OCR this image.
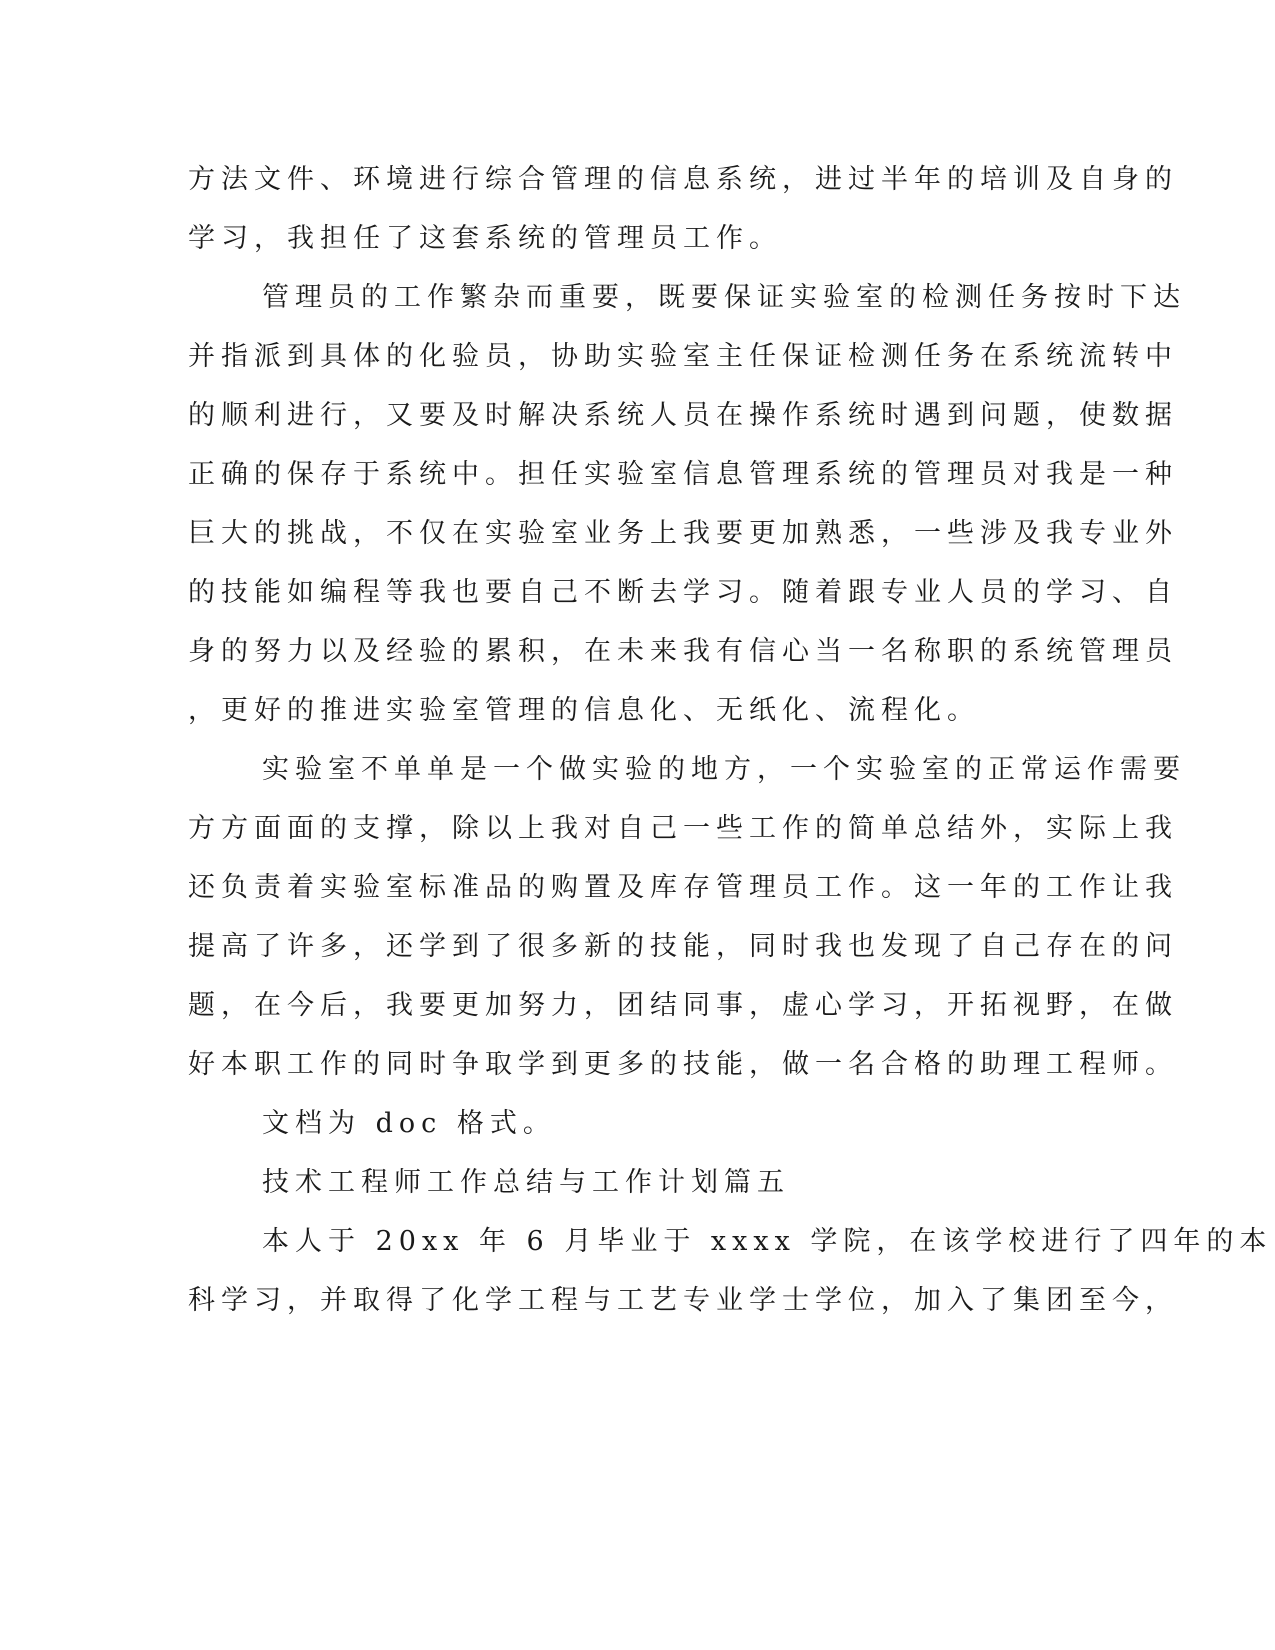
方法文件、环境进行综合管理的信息系统，进过半年的培训及自身的
学习，我担任了这套系统的管理员工作。
管理员的工作繁杂而重要，既要保证实验室的检测任务按时下达
并指派到具体的化验员，协助实验室主任保证检测任务在系统流转中
的顺利进行，又要及时解决系统人员在操作系统时遇到问题，使数据
正确的保存于系统中。担任实验室信息管理系统的管理员对我是一种
巨大的挑战，不仅在实验室业务上我要更加熟悉，一些涉及我专业外
的技能如编程等我也要自己不断去学习。随着跟专业人员的学习、自
身的努力以及经验的累积，在未来我有信心当一名称职的系统管理员
，更好的推进实验室管理的信息化、无纸化、流程化。
实验室不单单是一个做实验的地方，一个实验室的正常运作需要
方方面面的支撑，除以上我对自己一些工作的简单总结外，实际上我
还负责着实验室标准品的购置及库存管理员工作。这一年的工作让我
提高了许多，还学到了很多新的技能，同时我也发现了自己存在的问
题，在今后，我要更加努力，团结同事，虚心学习，开拓视野，在做
好本职工作的同时争取学到更多的技能，做一名合格的助理工程师。
文档为 doc 格式。
技术工程师工作总结与工作计划篇五
本人于 20xx 年 6 月毕业于 xxxx 学院，在该学校进行了四年的本
科学习，并取得了化学工程与工艺专业学士学位，加入了集团至今，
